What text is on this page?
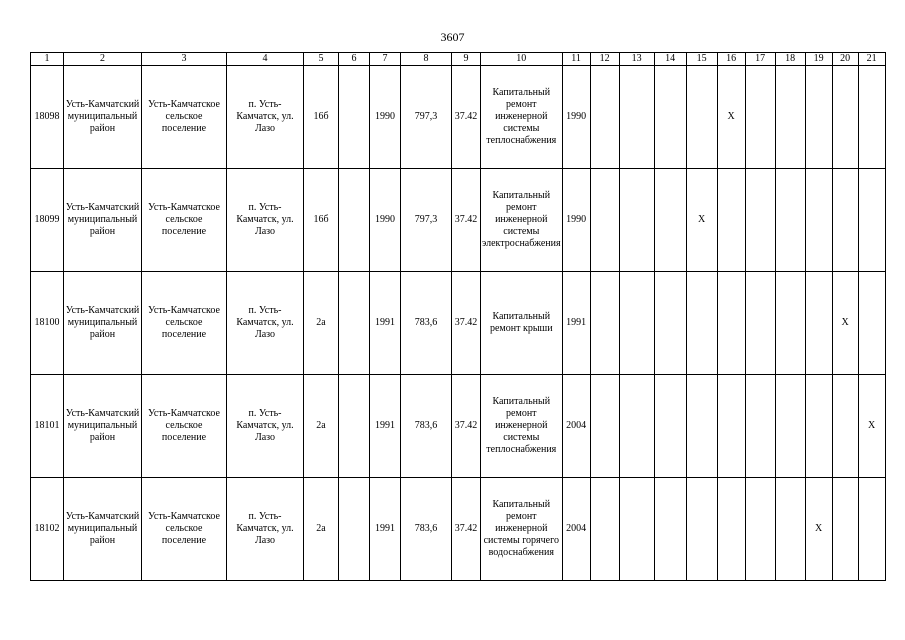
3607
1	2	3	4	5	6	7	8	9	10	11	12	13	14	15	16	17	18	19	20	21
18098	Усть-Камчатский муниципальный район	Усть-Камчатское сельское поселение	п. Усть-Камчатск, ул. Лазо	16б		1990	797,3	37.42	Капитальный ремонт инженерной системы теплоснабжения	1990					X					
18099	Усть-Камчатский муниципальный район	Усть-Камчатское сельское поселение	п. Усть-Камчатск, ул. Лазо	16б		1990	797,3	37.42	Капитальный ремонт инженерной системы электроснабжения	1990				X						
18100	Усть-Камчатский муниципальный район	Усть-Камчатское сельское поселение	п. Усть-Камчатск, ул. Лазо	2а		1991	783,6	37.42	Капитальный ремонт крыши	1991									X	
18101	Усть-Камчатский муниципальный район	Усть-Камчатское сельское поселение	п. Усть-Камчатск, ул. Лазо	2а		1991	783,6	37.42	Капитальный ремонт инженерной системы теплоснабжения	2004										X
18102	Усть-Камчатский муниципальный район	Усть-Камчатское сельское поселение	п. Усть-Камчатск, ул. Лазо	2а		1991	783,6	37.42	Капитальный ремонт инженерной системы горячего водоснабжения	2004								X		
